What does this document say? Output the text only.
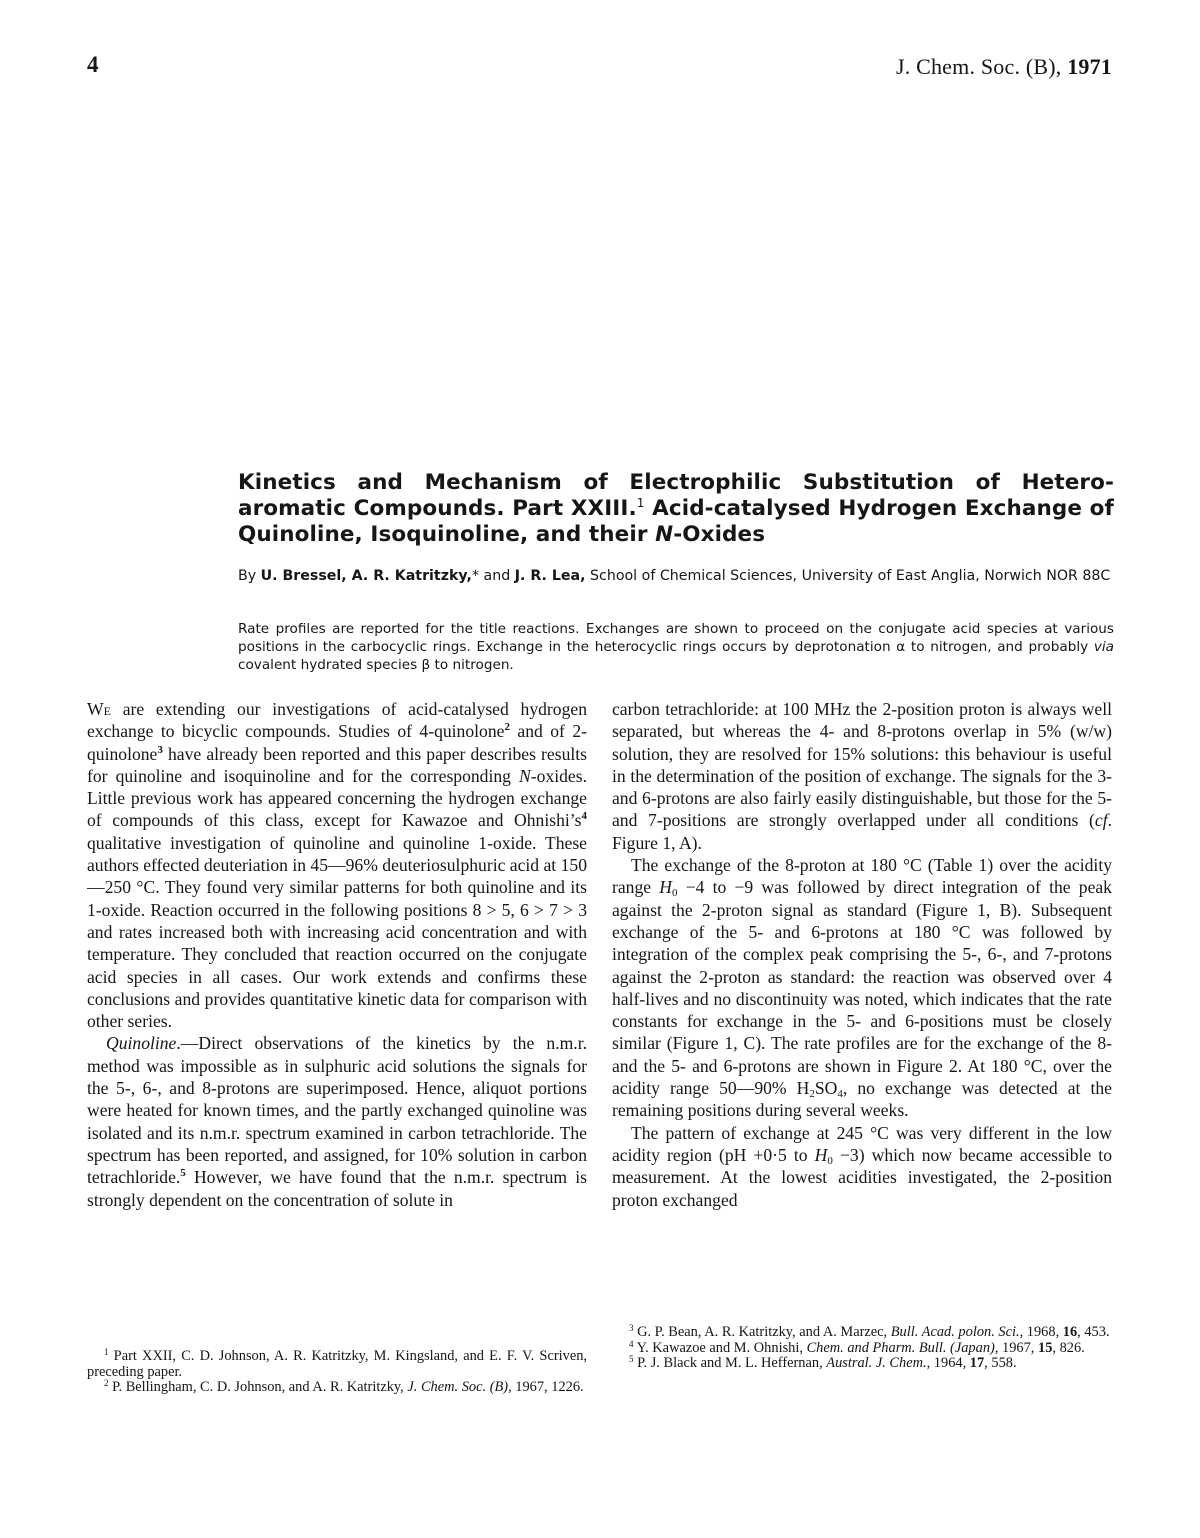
4	J. Chem. Soc. (B), 1971

Kinetics and Mechanism of Electrophilic Substitution of Hetero-aromatic Compounds. Part XXIII.$^1$ Acid-catalysed Hydrogen Exchange of Quinoline, Isoquinoline, and their N-Oxides

By U. Bressel, A. R. Katritzky,* and J. R. Lea, School of Chemical Sciences, University of East Anglia, Norwich NOR 88C

Rate profiles are reported for the title reactions. Exchanges are shown to proceed on the conjugate acid species at various positions in the carbocyclic rings. Exchange in the heterocyclic rings occurs by deprotonation α to nitrogen, and probably via covalent hydrated species β to nitrogen.

We are extending our investigations of acid-catalysed hydrogen exchange to bicyclic compounds. Studies of 4-quinolone$^2$ and of 2-quinolone$^3$ have already been reported and this paper describes results for quinoline and isoquinoline and for the corresponding N-oxides. Little previous work has appeared concerning the hydrogen exchange of compounds of this class, except for Kawazoe and Ohnishi’s$^4$ qualitative investigation of quinoline and quinoline 1-oxide. These authors effected deuteriation in 45—96% deuteriosulphuric acid at 150—250 °C. They found very similar patterns for both quinoline and its 1-oxide. Reaction occurred in the following positions 8 > 5, 6 > 7 > 3 and rates increased both with increasing acid concentration and with temperature. They concluded that reaction occurred on the conjugate acid species in all cases. Our work extends and confirms these conclusions and provides quantitative kinetic data for comparison with other series.

Quinoline.—Direct observations of the kinetics by the n.m.r. method was impossible as in sulphuric acid solutions the signals for the 5-, 6-, and 8-protons are superimposed. Hence, aliquot portions were heated for known times, and the partly exchanged quinoline was isolated and its n.m.r. spectrum examined in carbon tetrachloride. The spectrum has been reported, and assigned, for 10% solution in carbon tetrachloride.$^5$ However, we have found that the n.m.r. spectrum is strongly dependent on the concentration of solute in

carbon tetrachloride: at 100 MHz the 2-position proton is always well separated, but whereas the 4- and 8-protons overlap in 5% (w/w) solution, they are resolved for 15% solutions: this behaviour is useful in the determination of the position of exchange. The signals for the 3- and 6-protons are also fairly easily distinguishable, but those for the 5- and 7-positions are strongly overlapped under all conditions (cf. Figure 1, A).

The exchange of the 8-proton at 180 °C (Table 1) over the acidity range $H_0 -4$ to −9 was followed by direct integration of the peak against the 2-proton signal as standard (Figure 1, B). Subsequent exchange of the 5- and 6-protons at 180 °C was followed by integration of the complex peak comprising the 5-, 6-, and 7-protons against the 2-proton as standard: the reaction was observed over 4 half-lives and no discontinuity was noted, which indicates that the rate constants for exchange in the 5- and 6-positions must be closely similar (Figure 1, C). The rate profiles are for the exchange of the 8- and the 5- and 6-protons are shown in Figure 2. At 180 °C, over the acidity range 50—90% $H_2SO_4$, no exchange was detected at the remaining positions during several weeks.

The pattern of exchange at 245 °C was very different in the low acidity region (pH +0·5 to $H_0 -3$) which now became accessible to measurement. At the lowest acidities investigated, the 2-position proton exchanged

$^1$ Part XXII, C. D. Johnson, A. R. Katritzky, M. Kingsland, and E. F. V. Scriven, preceding paper.

$^2$ P. Bellingham, C. D. Johnson, and A. R. Katritzky, J. Chem. Soc. (B), 1967, 1226.

$^3$ G. P. Bean, A. R. Katritzky, and A. Marzec, Bull. Acad. polon. Sci., 1968, 16, 453.

$^4$ Y. Kawazoe and M. Ohnishi, Chem. and Pharm. Bull. (Japan), 1967, 15, 826.

$^5$ P. J. Black and M. L. Heffernan, Austral. J. Chem., 1964, 17, 558.
